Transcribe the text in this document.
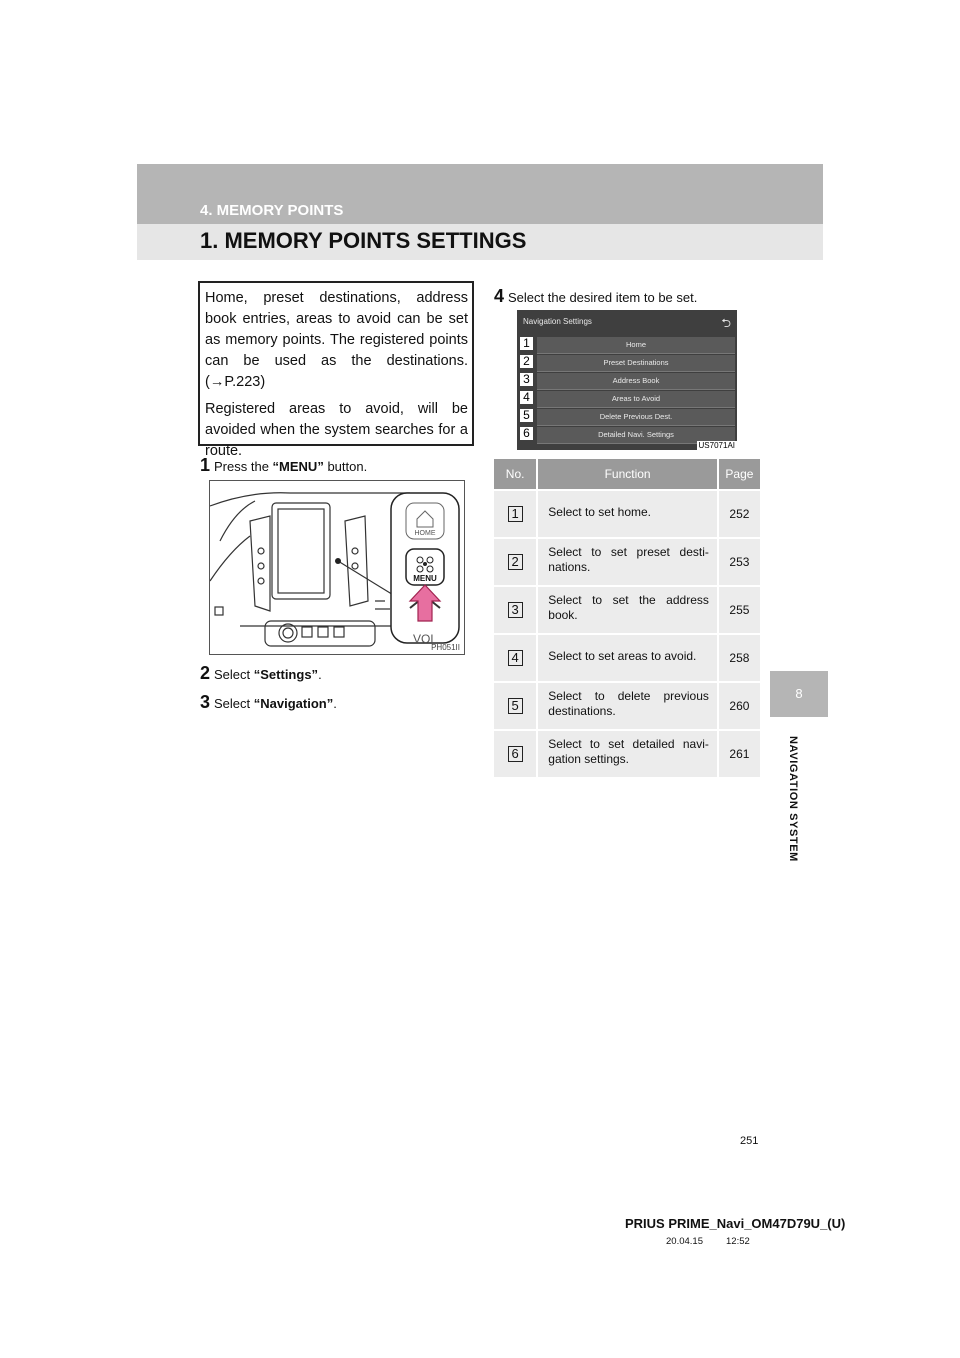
4. MEMORY POINTS
1. MEMORY POINTS SETTINGS
8
NAVIGATION SYSTEM

Home, preset destinations, address book entries, areas to avoid can be set as memory points. The registered points can be used as the destinations. (→P.223)

Registered areas to avoid, will be avoided when the system searches for a route.

1 Press the “MENU” button.
HOME
MENU
VOL
PH051II
2 Select “Settings”.
3 Select “Navigation”.
4 Select the desired item to be set.
Navigation Settings	⮌
1	Home
2	Preset Destinations
3	Address Book
4	Areas to Avoid
5	Delete Previous Dest.
6	Detailed Navi. Settings
US7071AI
No.	Function	Page
1	Select to set home.	252
2	Select to set preset desti-nations.	253
3	Select to set the address book.	255
4	Select to set areas to avoid.	258
5	Select to delete previous destinations.	260
6	Select to set detailed navi-gation settings.	261
251
PRIUS PRIME_Navi_OM47D79U_(U)
20.04.15 12:52
